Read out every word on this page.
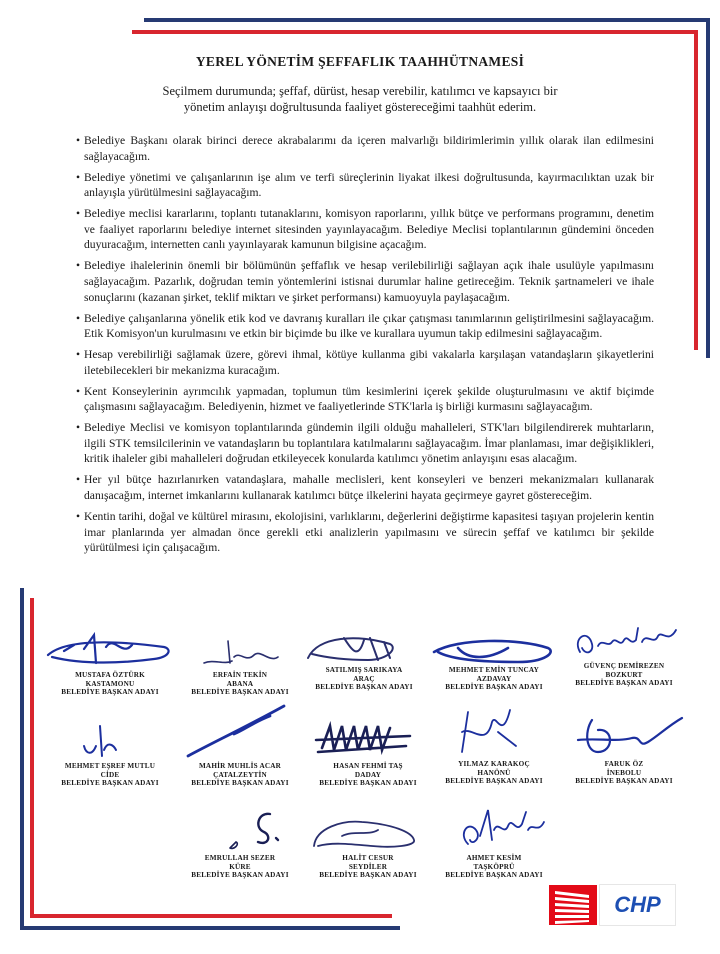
YEREL YÖNETİM ŞEFFAFLIK TAAHHÜTNAMESİ
Seçilmem durumunda; şeffaf, dürüst, hesap verebilir, katılımcı ve kapsayıcı bir
yönetim anlayışı doğrultusunda faaliyet göstereceğimi taahhüt ederim.
• Belediye Başkanı olarak birinci derece akrabalarımı da içeren malvarlığı bildirimlerimin yıllık olarak ilan edilmesini sağlayacağım.
• Belediye yönetimi ve çalışanlarının işe alım ve terfi süreçlerinin liyakat ilkesi doğrultusunda, kayırmacılıktan uzak bir anlayışla yürütülmesini sağlayacağım.
• Belediye meclisi kararlarını, toplantı tutanaklarını, komisyon raporlarını, yıllık bütçe ve performans programını, denetim ve faaliyet raporlarını belediye internet sitesinden yayınlayacağım. Belediye Meclisi toplantılarının gündemini önceden duyuracağım, internetten canlı yayınlayarak kamunun bilgisine açacağım.
• Belediye ihalelerinin önemli bir bölümünün şeffaflık ve hesap verilebilirliği sağlayan açık ihale usulüyle yapılmasını sağlayacağım. Pazarlık, doğrudan temin yöntemlerini istisnai durumlar haline getireceğim. Teknik şartnameleri ve ihale sonuçlarını (kazanan şirket, teklif miktarı ve şirket performansı) kamuoyuyla paylaşacağım.
• Belediye çalışanlarına yönelik etik kod ve davranış kuralları ile çıkar çatışması tanımlarının geliştirilmesini sağlayacağım. Etik Komisyon'un kurulmasını ve etkin bir biçimde bu ilke ve kurallara uyumun takip edilmesini sağlayacağım.
• Hesap verebilirliği sağlamak üzere, görevi ihmal, kötüye kullanma gibi vakalarla karşılaşan vatandaşların şikayetlerini iletebilecekleri bir mekanizma kuracağım.
• Kent Konseylerinin ayrımcılık yapmadan, toplumun tüm kesimlerini içerek şekilde oluşturulmasını ve aktif biçimde çalışmasını sağlayacağım. Belediyenin, hizmet ve faaliyetlerinde STK'larla iş birliği kurmasını sağlayacağım.
• Belediye Meclisi ve komisyon toplantılarında gündemin ilgili olduğu mahalleleri, STK'ları bilgilendirerek muhtarların, ilgili STK temsilcilerinin ve vatandaşların bu toplantılara katılmalarını sağlayacağım. İmar planlaması, imar değişiklikleri, kritik ihaleler gibi mahalleleri doğrudan etkileyecek konularda katılımcı yönetim anlayışını esas alacağım.
• Her yıl bütçe hazırlanırken vatandaşlara, mahalle meclisleri, kent konseyleri ve benzeri mekanizmaları kullanarak danışacağım, internet imkanlarını kullanarak katılımcı bütçe ilkelerini hayata geçirmeye gayret göstereceğim.
• Kentin tarihi, doğal ve kültürel mirasını, ekolojisini, varlıklarını, değerlerini değiştirme kapasitesi taşıyan projelerin kentin imar planlarında yer almadan önce gerekli etki analizlerin yapılmasını ve sürecin şeffaf ve katılımcı bir şekilde yürütülmesi için çalışacağım.
MUSTAFA ÖZTÜRK
KASTAMONU
BELEDİYE BAŞKAN ADAYI
ERFAİN TEKİN
ABANA
BELEDİYE BAŞKAN ADAYI
SATILMIŞ SARIKAYA
ARAÇ
BELEDİYE BAŞKAN ADAYI
MEHMET EMİN TUNCAY
AZDAVAY
BELEDİYE BAŞKAN ADAYI
GÜVENÇ DEMİREZEN
BOZKURT
BELEDİYE BAŞKAN ADAYI
MEHMET EŞREF MUTLU
CİDE
BELEDİYE BAŞKAN ADAYI
MAHİR MUHLİS ACAR
ÇATALZEYTİN
BELEDİYE BAŞKAN ADAYI
HASAN FEHMİ TAŞ
DADAY
BELEDİYE BAŞKAN ADAYI
YILMAZ KARAKOÇ
HANÖNÜ
BELEDİYE BAŞKAN ADAYI
FARUK ÖZ
İNEBOLU
BELEDİYE BAŞKAN ADAYI
EMRULLAH SEZER
KÜRE
BELEDİYE BAŞKAN ADAYI
HALİT CESUR
SEYDİLER
BELEDİYE BAŞKAN ADAYI
AHMET KESİM
TAŞKÖPRÜ
BELEDİYE BAŞKAN ADAYI
CHP
